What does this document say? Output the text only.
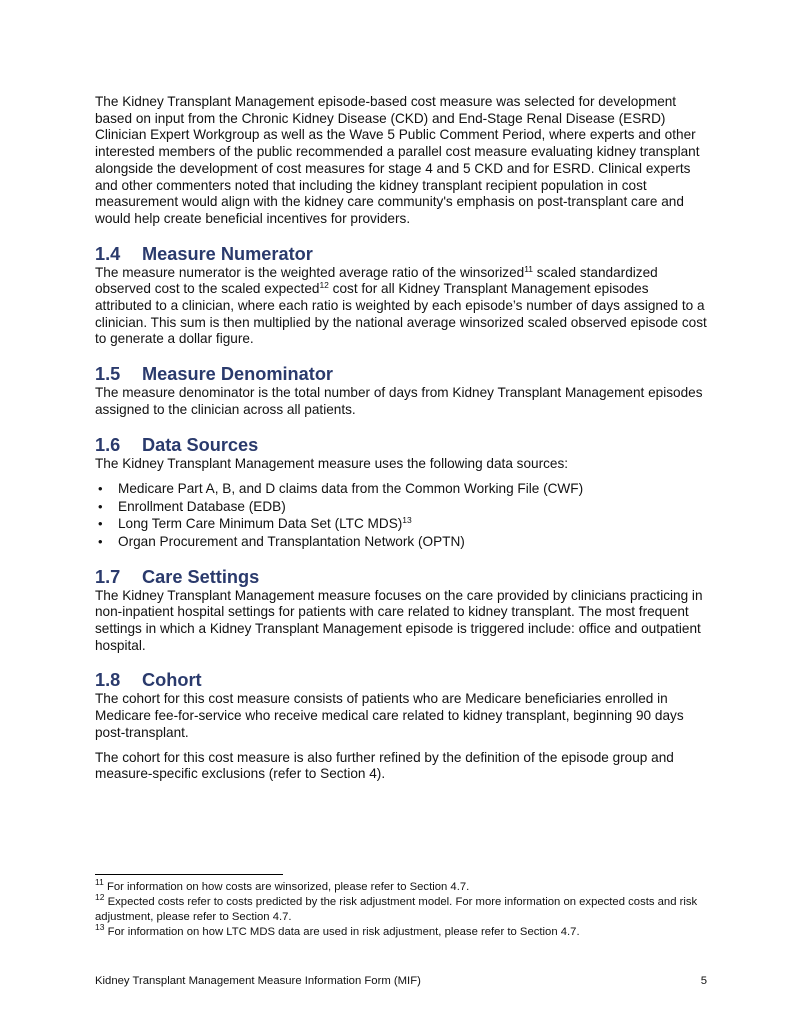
The Kidney Transplant Management episode-based cost measure was selected for development based on input from the Chronic Kidney Disease (CKD) and End-Stage Renal Disease (ESRD) Clinician Expert Workgroup as well as the Wave 5 Public Comment Period, where experts and other interested members of the public recommended a parallel cost measure evaluating kidney transplant alongside the development of cost measures for stage 4 and 5 CKD and for ESRD. Clinical experts and other commenters noted that including the kidney transplant recipient population in cost measurement would align with the kidney care community's emphasis on post-transplant care and would help create beneficial incentives for providers.

1.4 Measure Numerator

The measure numerator is the weighted average ratio of the winsorized$^{11}$ scaled standardized observed cost to the scaled expected$^{12}$ cost for all Kidney Transplant Management episodes attributed to a clinician, where each ratio is weighted by each episode’s number of days assigned to a clinician. This sum is then multiplied by the national average winsorized scaled observed episode cost to generate a dollar figure.

1.5 Measure Denominator

The measure denominator is the total number of days from Kidney Transplant Management episodes assigned to the clinician across all patients.

1.6 Data Sources

The Kidney Transplant Management measure uses the following data sources:

• Medicare Part A, B, and D claims data from the Common Working File (CWF)
• Enrollment Database (EDB)
• Long Term Care Minimum Data Set (LTC MDS)$^{13}$
• Organ Procurement and Transplantation Network (OPTN)
1.7 Care Settings

The Kidney Transplant Management measure focuses on the care provided by clinicians practicing in non-inpatient hospital settings for patients with care related to kidney transplant. The most frequent settings in which a Kidney Transplant Management episode is triggered include: office and outpatient hospital.

1.8 Cohort

The cohort for this cost measure consists of patients who are Medicare beneficiaries enrolled in Medicare fee-for-service who receive medical care related to kidney transplant, beginning 90 days post-transplant.

The cohort for this cost measure is also further refined by the definition of the episode group and measure-specific exclusions (refer to Section 4).

$^{11}$ For information on how costs are winsorized, please refer to Section 4.7.

$^{12}$ Expected costs refer to costs predicted by the risk adjustment model. For more information on expected costs and risk adjustment, please refer to Section 4.7.

$^{13}$ For information on how LTC MDS data are used in risk adjustment, please refer to Section 4.7.

Kidney Transplant Management Measure Information Form (MIF)	5
